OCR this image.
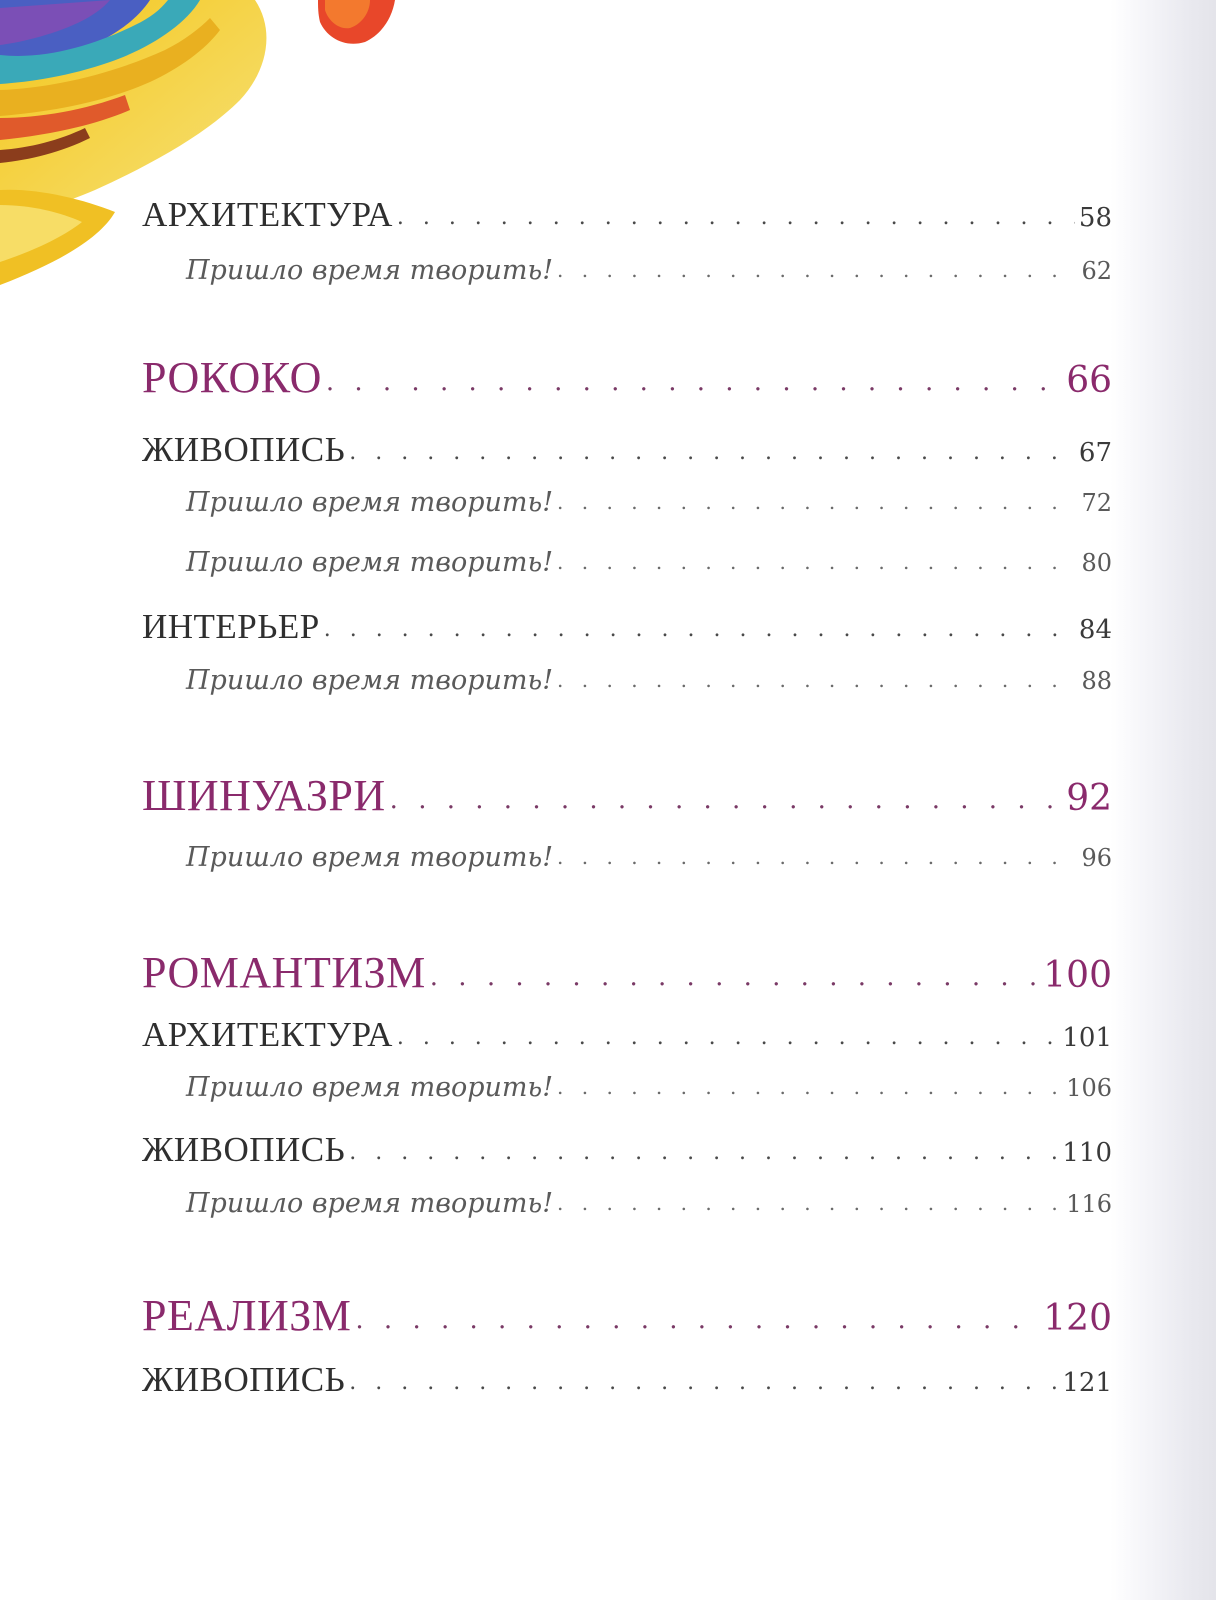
АРХИТЕКТУРА . . .	58
Пришло время творить! . . .	62
РОКОКО . . .	66
ЖИВОПИСЬ . . .	67
Пришло время творить! . . .	72
Пришло время творить! . . .	80
ИНТЕРЬЕР . . .	84
Пришло время творить! . . .	88
ШИНУАЗРИ . . .	92
Пришло время творить! . . .	96
РОМАНТИЗМ . . .	100
АРХИТЕКТУРА . . .	101
Пришло время творить! . . .	106
ЖИВОПИСЬ . . .	110
Пришло время творить! . . .	116
РЕАЛИЗМ . . .	120
ЖИВОПИСЬ . . .	121
